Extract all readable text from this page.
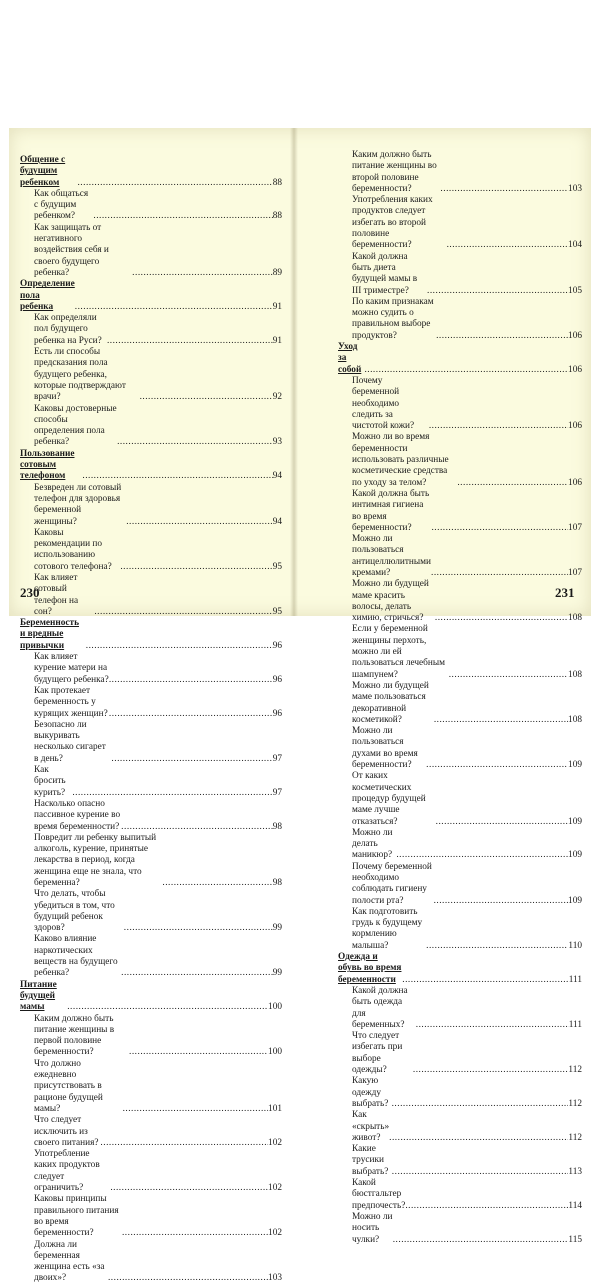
Общение с будущим ребенком .....	88
Как общаться с будущим ребенком? .....	88
Как защищать от негативного воздействия себя и своего будущего ребенка? .....	89
Определение пола ребенка .....	91
Как определяли пол будущего ребенка на Руси? .....	91
Есть ли способы предсказания пола будущего ребенка, которые подтверждают врачи? .....	92
Каковы достоверные способы определения пола ребенка? .....	93
Пользование сотовым телефоном .....	94
Безвреден ли сотовый телефон для здоровья беременной женщины? .....	94
Каковы рекомендации по использованию сотового телефона? .....	95
Как влияет сотовый телефон на сон? .....	95
Беременность и вредные привычки .....	96
Как влияет курение матери на будущего ребенка? .....	96
Как протекает беременность у курящих женщин? .....	96
Безопасно ли выкуривать несколько сигарет в день? .....	97
Как бросить курить? .....	97
Насколько опасно пассивное курение во время беременности? .....	98
Повредит ли ребенку выпитый алкоголь, курение, принятые лекарства в период, когда женщина еще не знала, что беременна? .....	98
Что делать, чтобы убедиться в том, что будущий ребенок здоров? .....	99
Каково влияние наркотических веществ на будущего ребенка? .....	99
Питание будущей мамы .....	100
Каким должно быть питание женщины в первой половине беременности? .....	100
Что должно ежедневно присутствовать в рационе будущей мамы? .....	101
Что следует исключить из своего питания? .....	102
Употребление каких продуктов следует ограничить? .....	102
Каковы принципы правильного питания во время беременности? .....	102
Должна ли беременная женщина есть «за двоих»? .....	103
230
Каким должно быть питание женщины во второй половине беременности? .....	103
Употребления каких продуктов следует избегать во второй половине беременности? .....	104
Какой должна быть диета будущей мамы в III триместре? .....	105
По каким признакам можно судить о правильном выборе продуктов? .....	106
Уход за собой .....	106
Почему беременной необходимо следить за чистотой кожи? .....	106
Можно ли во время беременности использовать различные косметические средства по уходу за телом? .....	106
Какой должна быть интимная гигиена во время беременности? .....	107
Можно ли пользоваться антицеллюлитными кремами? .....	107
Можно ли будущей маме красить волосы, делать химию, стричься? .....	108
Если у беременной женщины перхоть, можно ли ей пользоваться лечебным шампунем? .....	108
Можно ли будущей маме пользоваться декоративной косметикой? .....	108
Можно ли пользоваться духами во время беременности? .....	109
От каких косметических процедур будущей маме лучше отказаться? .....	109
Можно ли делать маникюр? .....	109
Почему беременной необходимо соблюдать гигиену полости рта? .....	109
Как подготовить грудь к будущему кормлению малыша? .....	110
Одежда и обувь во время беременности .....	111
Какой должна быть одежда для беременных? .....	111
Что следует избегать при выборе одежды? .....	112
Какую одежду выбрать? .....	112
Как «скрыть» живот? .....	112
Какие трусики выбрать? .....	113
Какой бюстгальтер предпочесть? .....	114
Можно ли носить чулки? .....	115
231
